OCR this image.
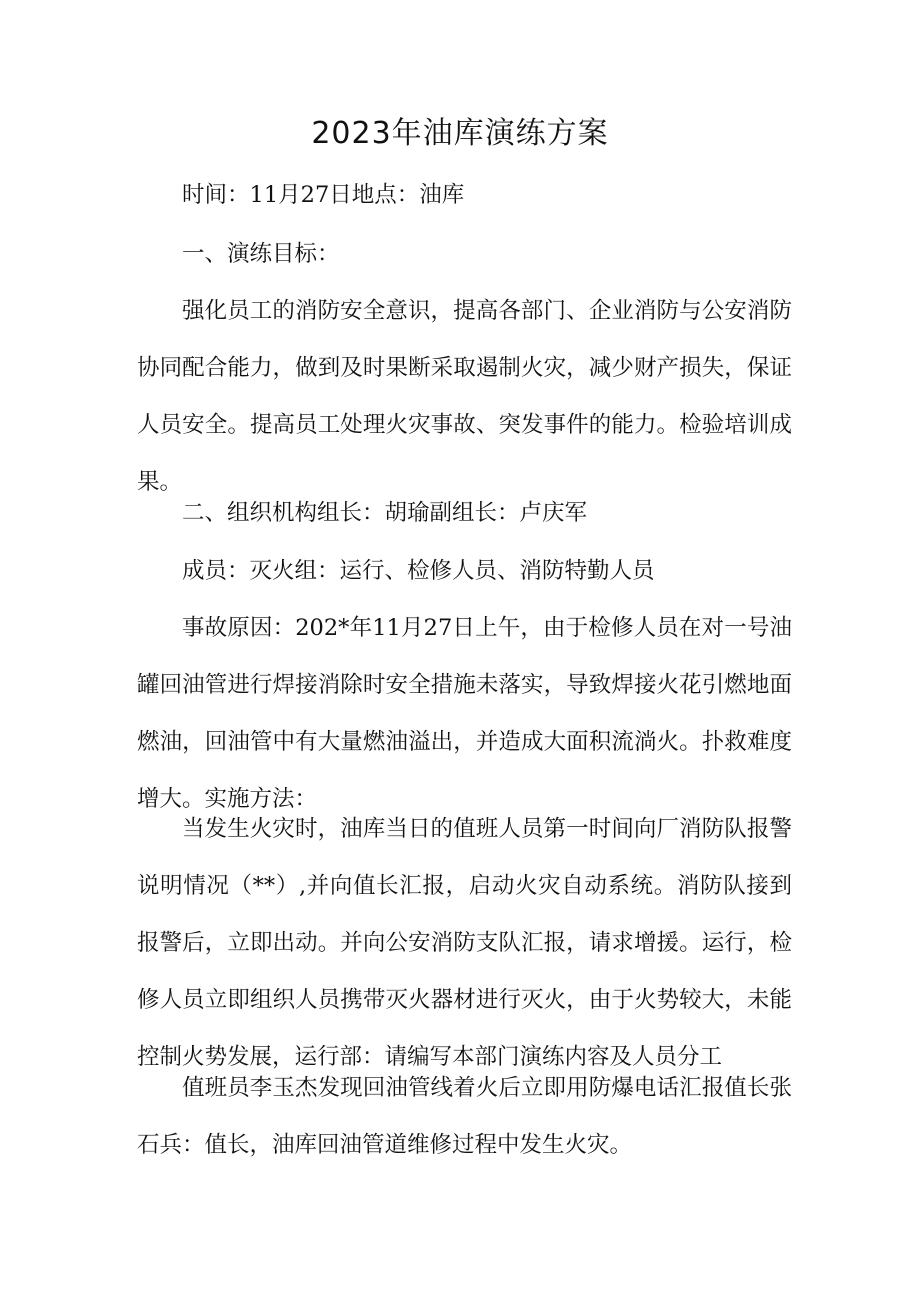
2023年油库演练方案

时间：11月27日地点：油库

一、演练目标：

强化员工的消防安全意识，提高各部门、企业消防与公安消防协同配合能力，做到及时果断采取遏制火灾，减少财产损失，保证人员安全。提高员工处理火灾事故、突发事件的能力。检验培训成果。

二、组织机构组长：胡瑜副组长：卢庆军

成员：灭火组：运行、检修人员、消防特勤人员

事故原因：202*年11月27日上午，由于检修人员在对一号油罐回油管进行焊接消除时安全措施未落实，导致焊接火花引燃地面燃油，回油管中有大量燃油溢出，并造成大面积流淌火。扑救难度增大。实施方法：

当发生火灾时，油库当日的值班人员第一时间向厂消防队报警说明情况（**）,并向值长汇报，启动火灾自动系统。消防队接到报警后，立即出动。并向公安消防支队汇报，请求增援。运行，检修人员立即组织人员携带灭火器材进行灭火，由于火势较大，未能控制火势发展，运行部：请编写本部门演练内容及人员分工

值班员李玉杰发现回油管线着火后立即用防爆电话汇报值长张石兵：值长，油库回油管道维修过程中发生火灾。
